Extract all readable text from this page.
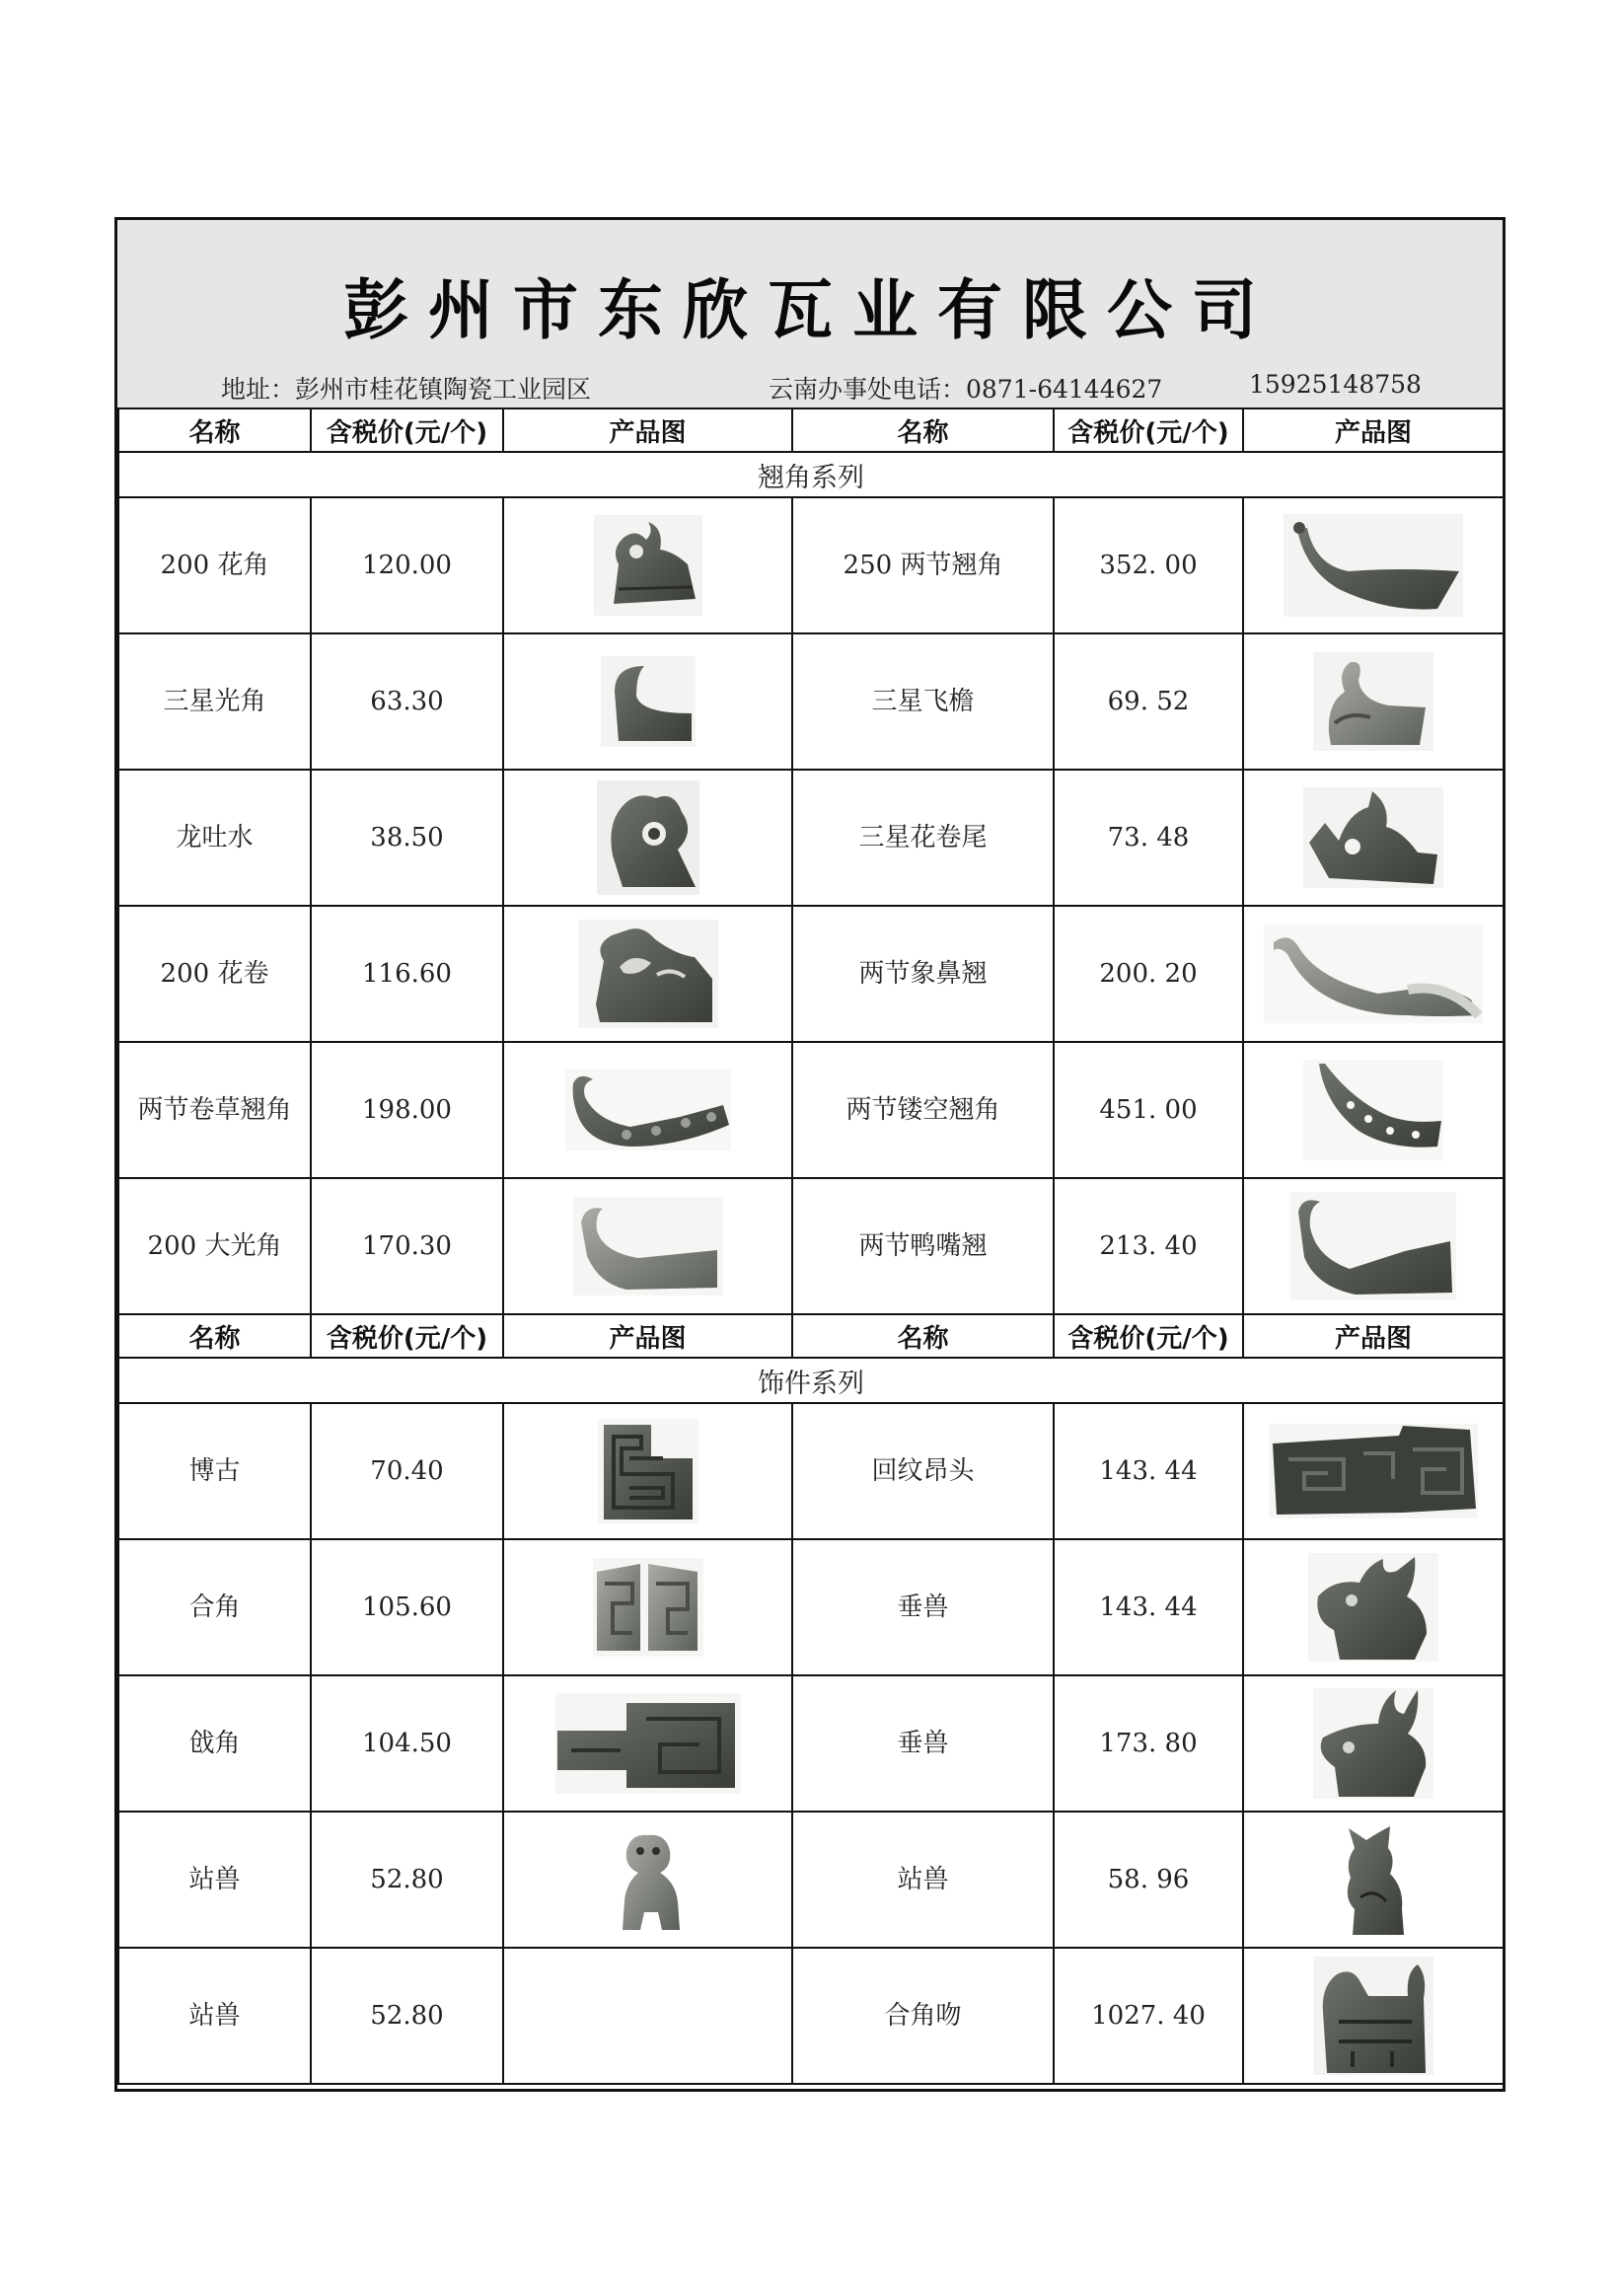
彭州市东欣瓦业有限公司
地址：彭州市桂花镇陶瓷工业园区	云南办事处电话：0871-64144627	15925148758
名称	含税价(元/个)	产品图	名称	含税价(元/个)	产品图
翘角系列					
200 花角	120.00		250 两节翘角	352. 00	

三星光角	63.30		三星飞檐	69. 52	

龙吐水	38.50		三星花卷尾	73. 48	

200 花卷	116.60		两节象鼻翘	200. 20	

两节卷草翘角	198.00		两节镂空翘角	451. 00	

200 大光角	170.30		两节鸭嘴翘	213. 40	

名称	含税价(元/个)	产品图	名称	含税价(元/个)	产品图
饰件系列					
博古	70.40		回纹昂头	143. 44	

合角	105.60		垂兽	143. 44	

戗角	104.50		垂兽	173. 80	

站兽	52.80		站兽	58. 96	

站兽	52.80		合角吻	1027. 40	
